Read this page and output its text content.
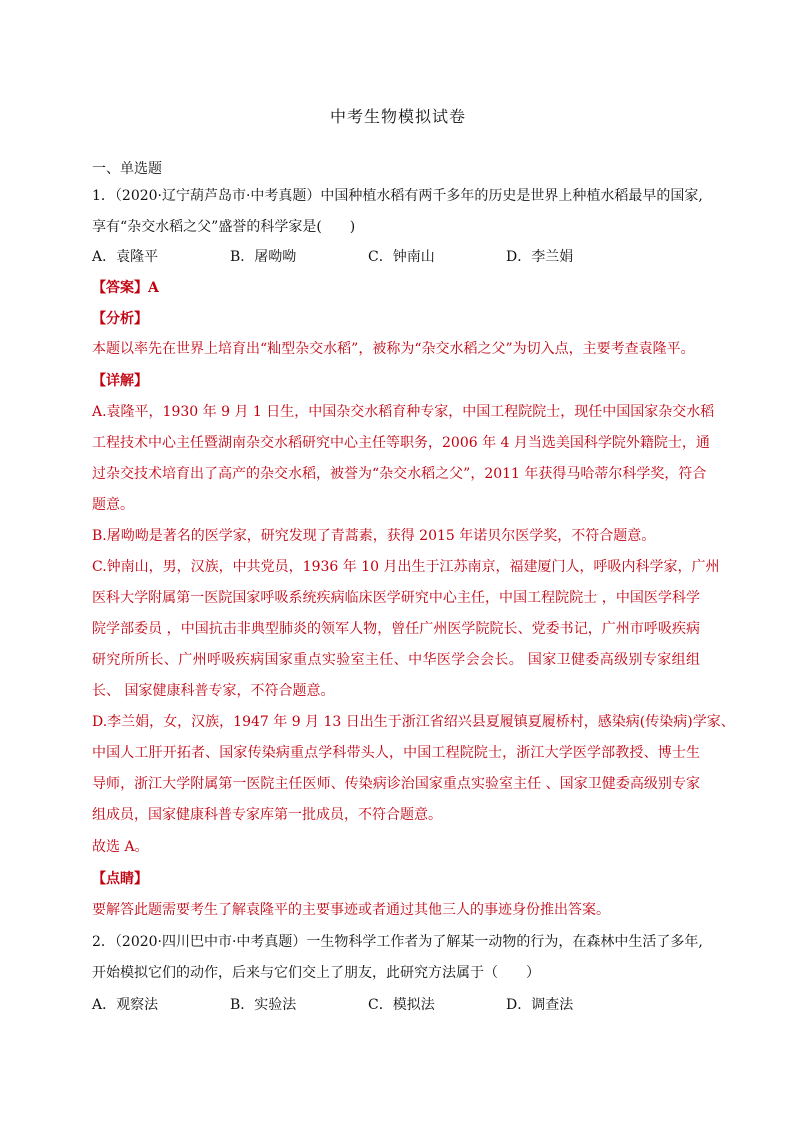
中考生物模拟试卷
一、单选题
1．（2020·辽宁葫芦岛市·中考真题）中国种植水稻有两千多年的历史是世界上种植水稻最早的国家,
享有“杂交水稻之父”盛誉的科学家是(　　)
A．袁隆平	B．屠呦呦	C．钟南山	D．李兰娟
【答案】A
【分析】
本题以率先在世界上培育出“籼型杂交水稻”，被称为“杂交水稻之父”为切入点，主要考查袁隆平。
【详解】
A.袁隆平，1930 年 9 月 1 日生，中国杂交水稻育种专家，中国工程院院士，现任中国国家杂交水稻
工程技术中心主任暨湖南杂交水稻研究中心主任等职务，2006 年 4 月当选美国科学院外籍院士，通
过杂交技术培育出了高产的杂交水稻，被誉为“杂交水稻之父”，2011 年获得马哈蒂尔科学奖，符合
题意。
B.屠呦呦是著名的医学家，研究发现了青蒿素，获得 2015 年诺贝尔医学奖，不符合题意。
C.钟南山，男，汉族，中共党员，1936 年 10 月出生于江苏南京，福建厦门人，呼吸内科学家，广州
医科大学附属第一医院国家呼吸系统疾病临床医学研究中心主任，中国工程院院士 ，中国医学科学
院学部委员 ，中国抗击非典型肺炎的领军人物，曾任广州医学院院长、党委书记，广州市呼吸疾病
研究所所长、广州呼吸疾病国家重点实验室主任、中华医学会会长。 国家卫健委高级别专家组组
长、 国家健康科普专家，不符合题意。
D.李兰娟，女，汉族，1947 年 9 月 13 日出生于浙江省绍兴县夏履镇夏履桥村，感染病(传染病)学家、
中国人工肝开拓者、国家传染病重点学科带头人，中国工程院院士，浙江大学医学部教授、博士生
导师，浙江大学附属第一医院主任医师、传染病诊治国家重点实验室主任 、国家卫健委高级别专家
组成员，国家健康科普专家库第一批成员，不符合题意。
故选 A。
【点睛】
要解答此题需要考生了解袁隆平的主要事迹或者通过其他三人的事迹身份推出答案。
2．（2020·四川巴中市·中考真题）一生物科学工作者为了解某一动物的行为，在森林中生活了多年,
开始模拟它们的动作，后来与它们交上了朋友，此研究方法属于（　　）
A．观察法	B．实验法	C．模拟法	D．调查法
